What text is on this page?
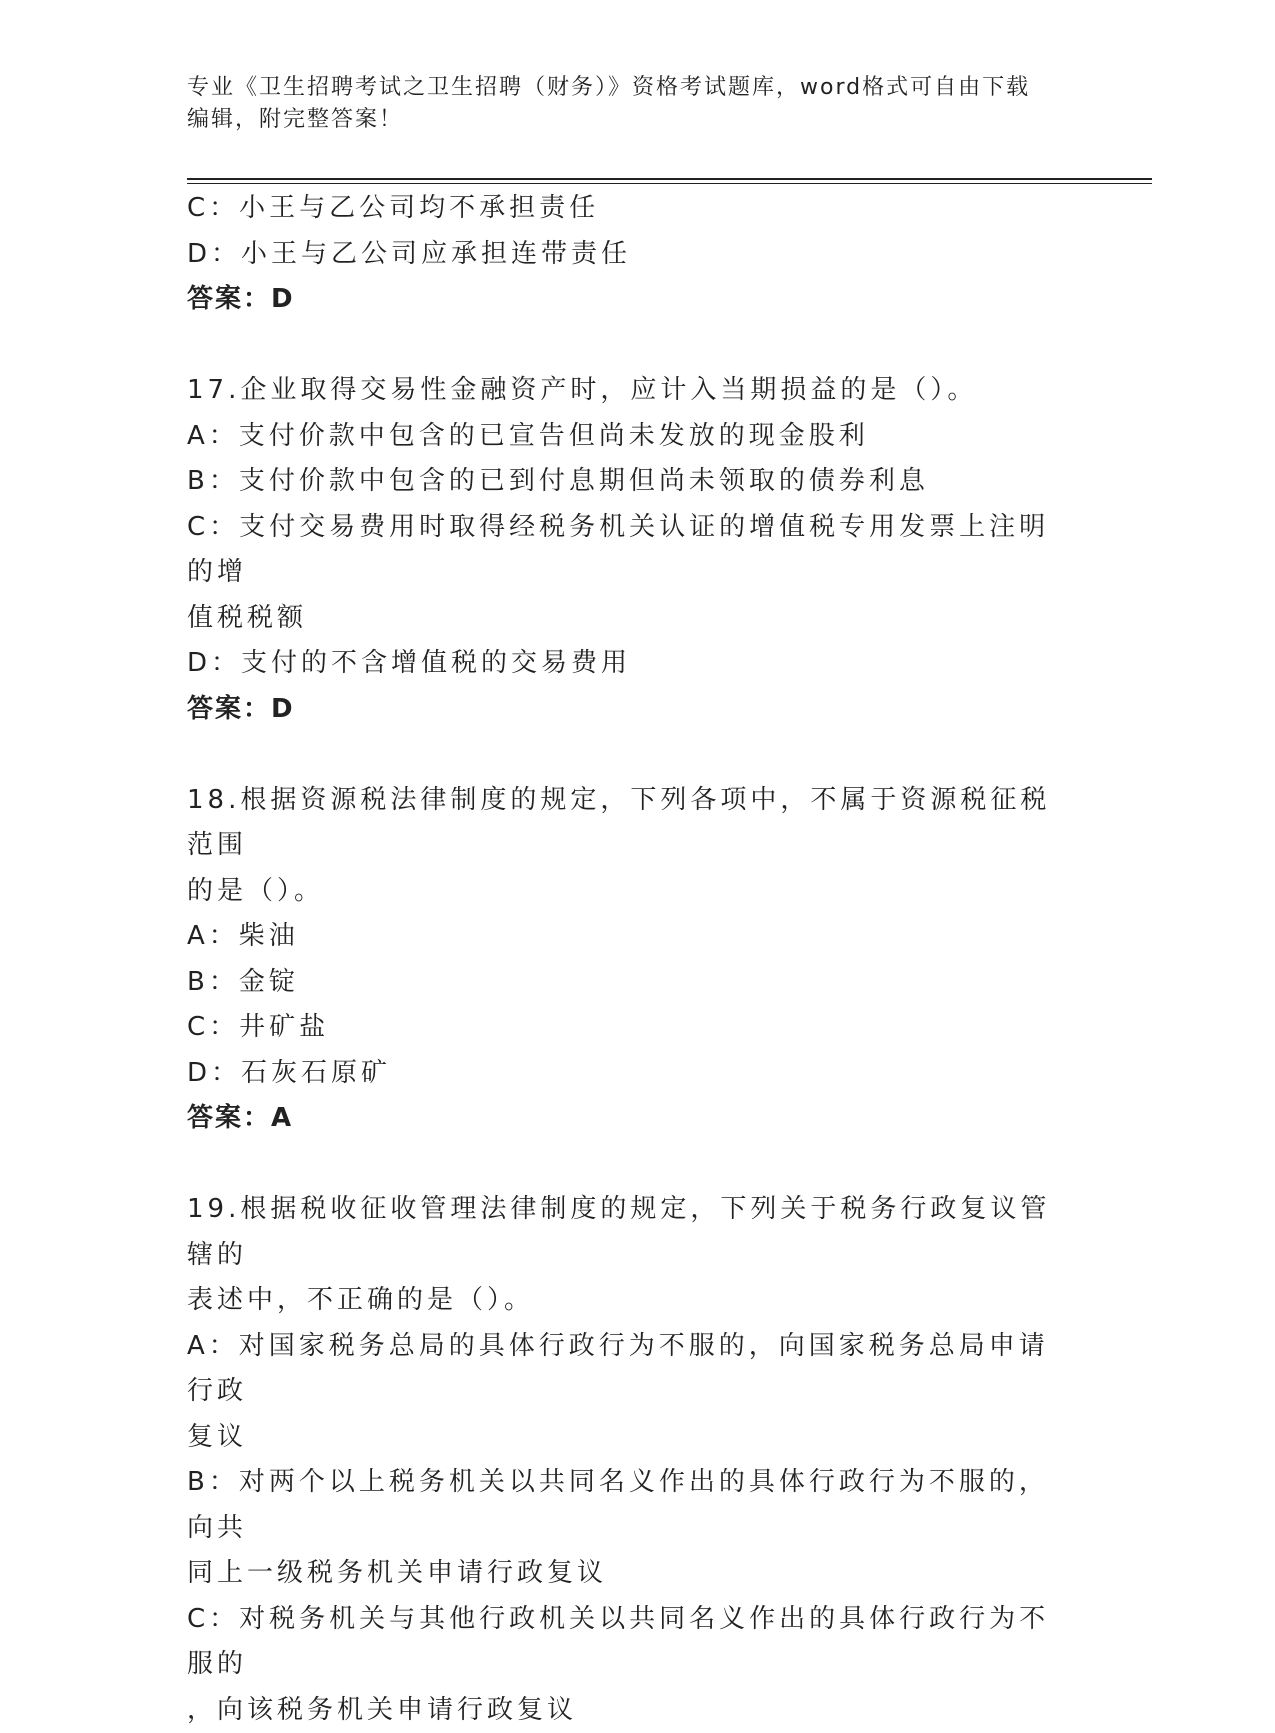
专业《卫生招聘考试之卫生招聘（财务）》资格考试题库，word格式可自由下载
编辑，附完整答案！

C：小王与乙公司均不承担责任

D：小王与乙公司应承担连带责任

答案：D

17.企业取得交易性金融资产时，应计入当期损益的是（）。

A：支付价款中包含的已宣告但尚未发放的现金股利

B：支付价款中包含的已到付息期但尚未领取的债券利息

C：支付交易费用时取得经税务机关认证的增值税专用发票上注明的增

值税税额

D：支付的不含增值税的交易费用

答案：D

18.根据资源税法律制度的规定，下列各项中，不属于资源税征税范围

的是（）。

A：柴油

B：金锭

C：井矿盐

D：石灰石原矿

答案：A

19.根据税收征收管理法律制度的规定，下列关于税务行政复议管辖的

表述中，不正确的是（）。

A：对国家税务总局的具体行政行为不服的，向国家税务总局申请行政

复议

B：对两个以上税务机关以共同名义作出的具体行政行为不服的，向共

同上一级税务机关申请行政复议

C：对税务机关与其他行政机关以共同名义作出的具体行政行为不服的

，向该税务机关申请行政复议
